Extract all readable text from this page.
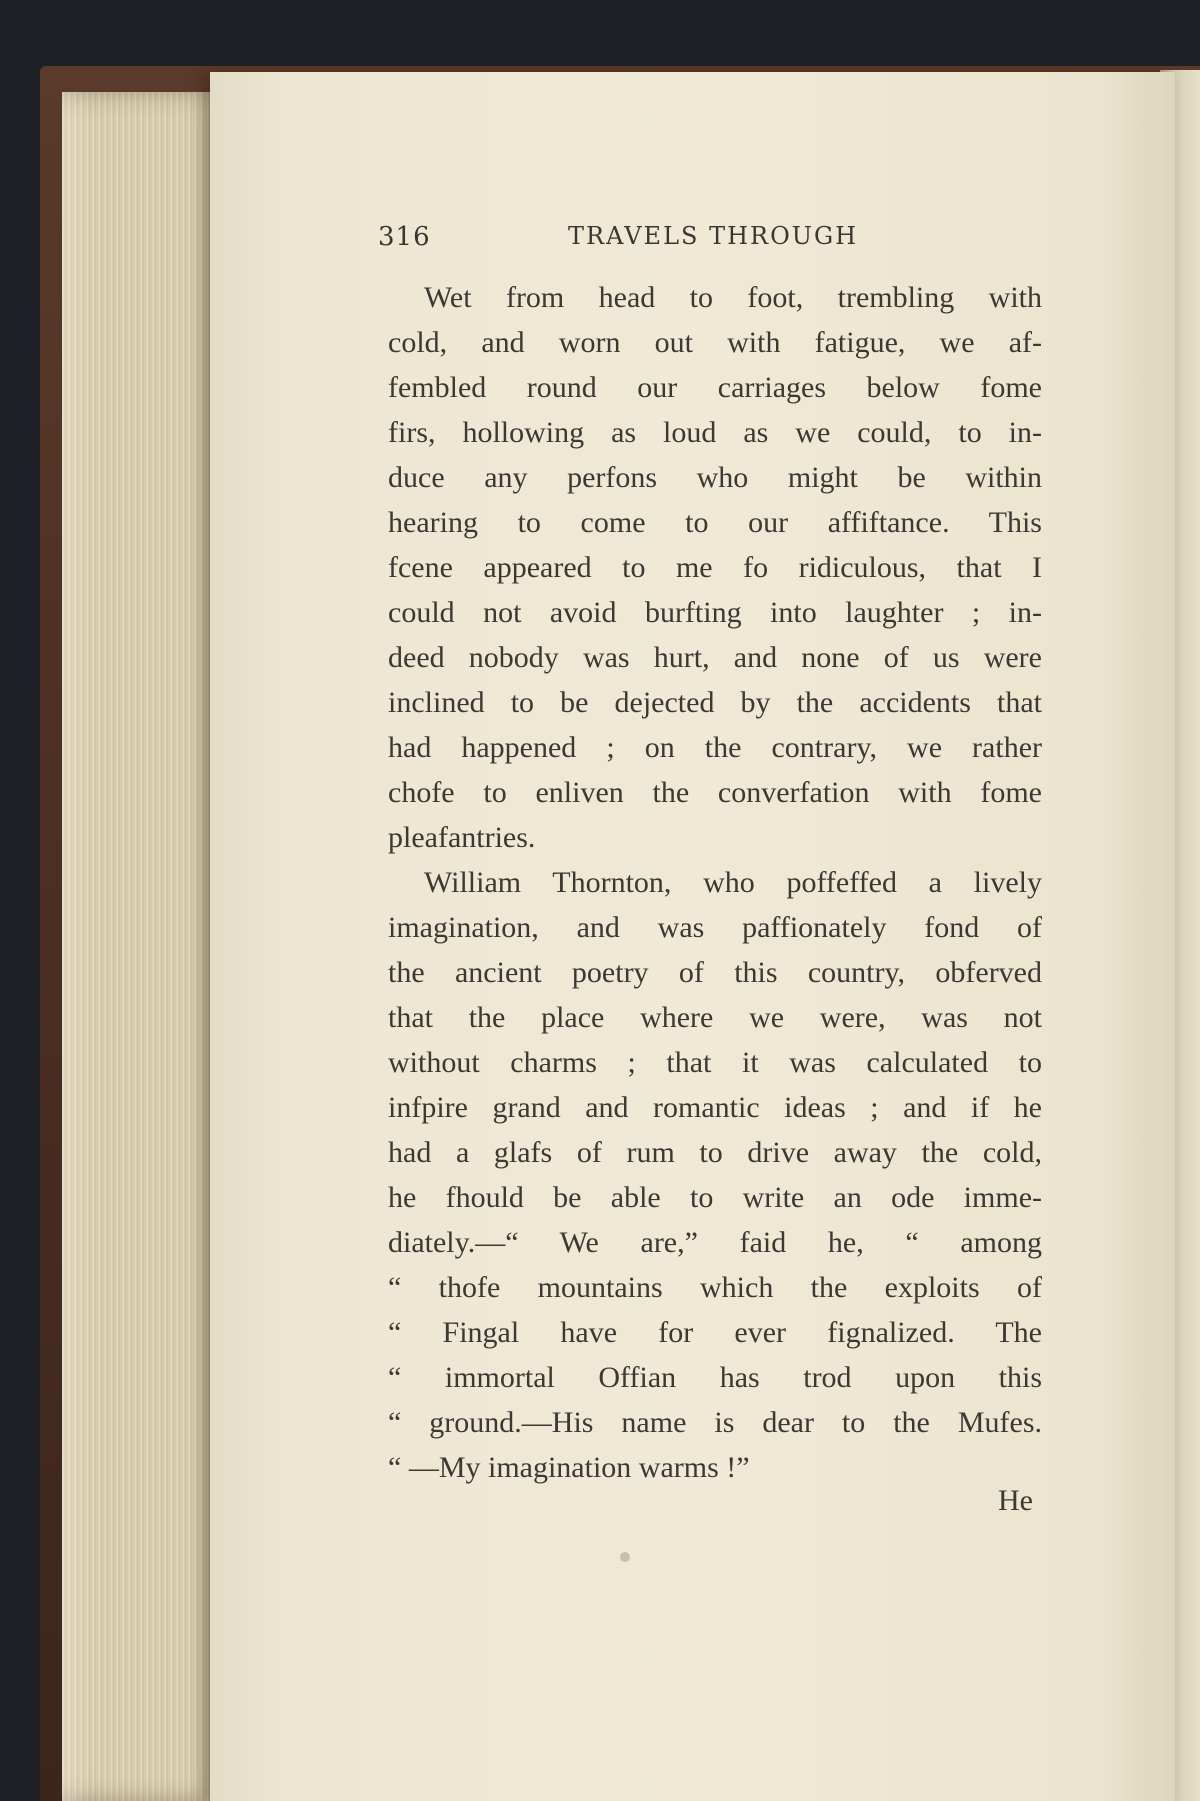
316	TRAVELS THROUGH
Wet from head to foot, trembling with
cold, and worn out with fatigue, we af-
fembled round our carriages below fome
firs, hollowing as loud as we could, to in-
duce any perfons who might be within
hearing to come to our affiftance. This
fcene appeared to me fo ridiculous, that I
could not avoid burfting into laughter ; in-
deed nobody was hurt, and none of us were
inclined to be dejected by the accidents that
had happened ; on the contrary, we rather
chofe to enliven the converfation with fome
pleafantries.
William Thornton, who poffeffed a lively
imagination, and was paffionately fond of
the ancient poetry of this country, obferved
that the place where we were, was not
without charms ; that it was calculated to
infpire grand and romantic ideas ; and if he
had a glafs of rum to drive away the cold,
he fhould be able to write an ode imme-
diately.—“ We are,” faid he, “ among
“ thofe mountains which the exploits of
“ Fingal have for ever fignalized. The
“ immortal Offian has trod upon this
“ ground.—His name is dear to the Mufes.
“ —My imagination warms !”
He
